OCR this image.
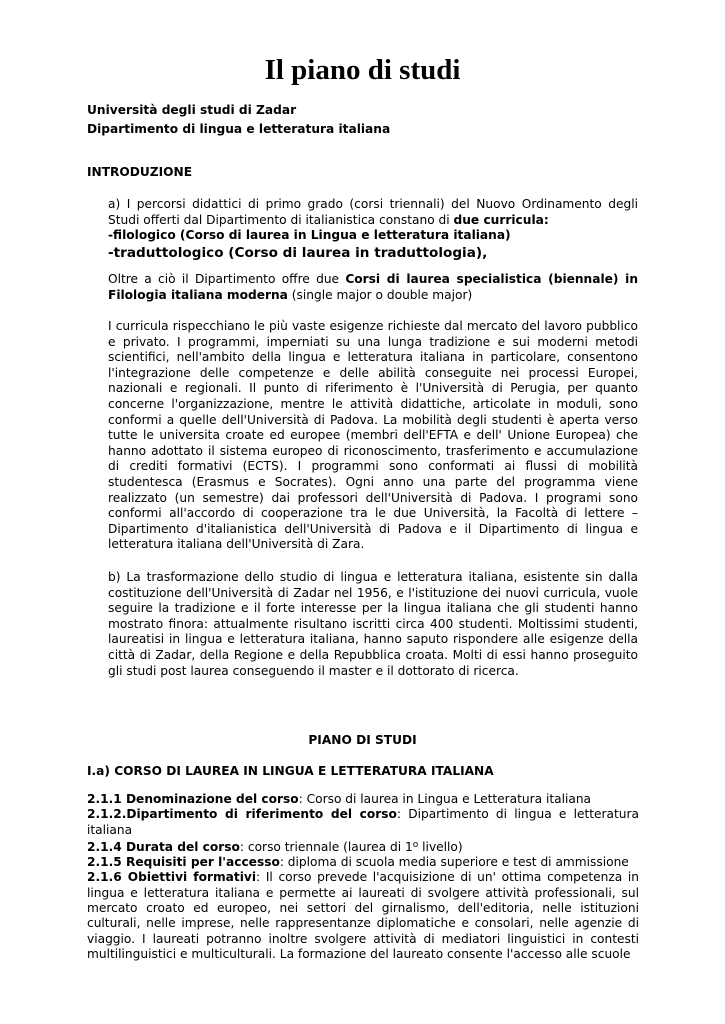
Il piano di studi
Università degli studi di Zadar
Dipartimento di lingua e letteratura italiana
INTRODUZIONE
a) I percorsi didattici di primo grado (corsi triennali) del Nuovo Ordinamento degli Studi offerti dal Dipartimento di italianistica constano di due curricula:
-filologico (Corso di laurea in Lingua e letteratura italiana)
-traduttologico (Corso di laurea in traduttologia),
Oltre a ciò il Dipartimento offre due Corsi di laurea specialistica (biennale) in Filologia italiana moderna (single major o double major)
I curricula rispecchiano le più vaste esigenze richieste dal mercato del lavoro pubblico e privato. I programmi, imperniati su una lunga tradizione e sui moderni metodi scientifici, nell'ambito della lingua e letteratura italiana in particolare, consentono l'integrazione delle competenze e delle abilità conseguite nei processi Europei, nazionali e regionali. Il punto di riferimento è l'Università di Perugia, per quanto concerne l'organizzazione, mentre le attività didattiche, articolate in moduli, sono conformi a quelle dell'Università di Padova. La mobilità degli studenti è aperta verso tutte le universita croate ed europee (membri dell'EFTA e dell' Unione Europea) che hanno adottato il sistema europeo di riconoscimento, trasferimento e accumulazione di crediti formativi (ECTS). I programmi sono conformati ai flussi di mobilità studentesca (Erasmus e Socrates). Ogni anno una parte del programma viene realizzato (un semestre) dai professori dell'Università di Padova. I programi sono conformi all'accordo di cooperazione tra le due Università, la Facoltà di lettere – Dipartimento d'italianistica dell'Università di Padova e il Dipartimento di lingua e letteratura italiana dell'Università di Zara.
b) La trasformazione dello studio di lingua e letteratura italiana, esistente sin dalla costituzione dell'Università di Zadar nel 1956, e l'istituzione dei nuovi curricula, vuole seguire la tradizione e il forte interesse per la lingua italiana che gli studenti hanno mostrato finora: attualmente risultano iscritti circa 400 studenti. Moltissimi studenti, laureatisi in lingua e letteratura italiana, hanno saputo rispondere alle esigenze della città di Zadar, della Regione e della Repubblica croata. Molti di essi hanno proseguito gli studi post laurea conseguendo il master e il dottorato di ricerca.
PIANO DI STUDI
I.a) CORSO DI LAUREA IN LINGUA E LETTERATURA ITALIANA
2.1.1 Denominazione del corso: Corso di laurea in Lingua e Letteratura italiana
2.1.2.Dipartimento di riferimento del corso: Dipartimento di lingua e letteratura italiana
2.1.4 Durata del corso: corso triennale (laurea di 1$^o$ livello)
2.1.5 Requisiti per l'accesso: diploma di scuola media superiore e test di ammissione
2.1.6 Obiettivi formativi: Il corso prevede l'acquisizione di un' ottima competenza in lingua e letteratura italiana e permette ai laureati di svolgere attività professionali, sul mercato croato ed europeo, nei settori del girnalismo, dell'editoria, nelle istituzioni culturali, nelle imprese, nelle rappresentanze diplomatiche e consolari, nelle agenzie di viaggio. I laureati potranno inoltre svolgere attività di mediatori linguistici in contesti multilinguistici e multiculturali. La formazione del laureato consente l'accesso alle scuole
